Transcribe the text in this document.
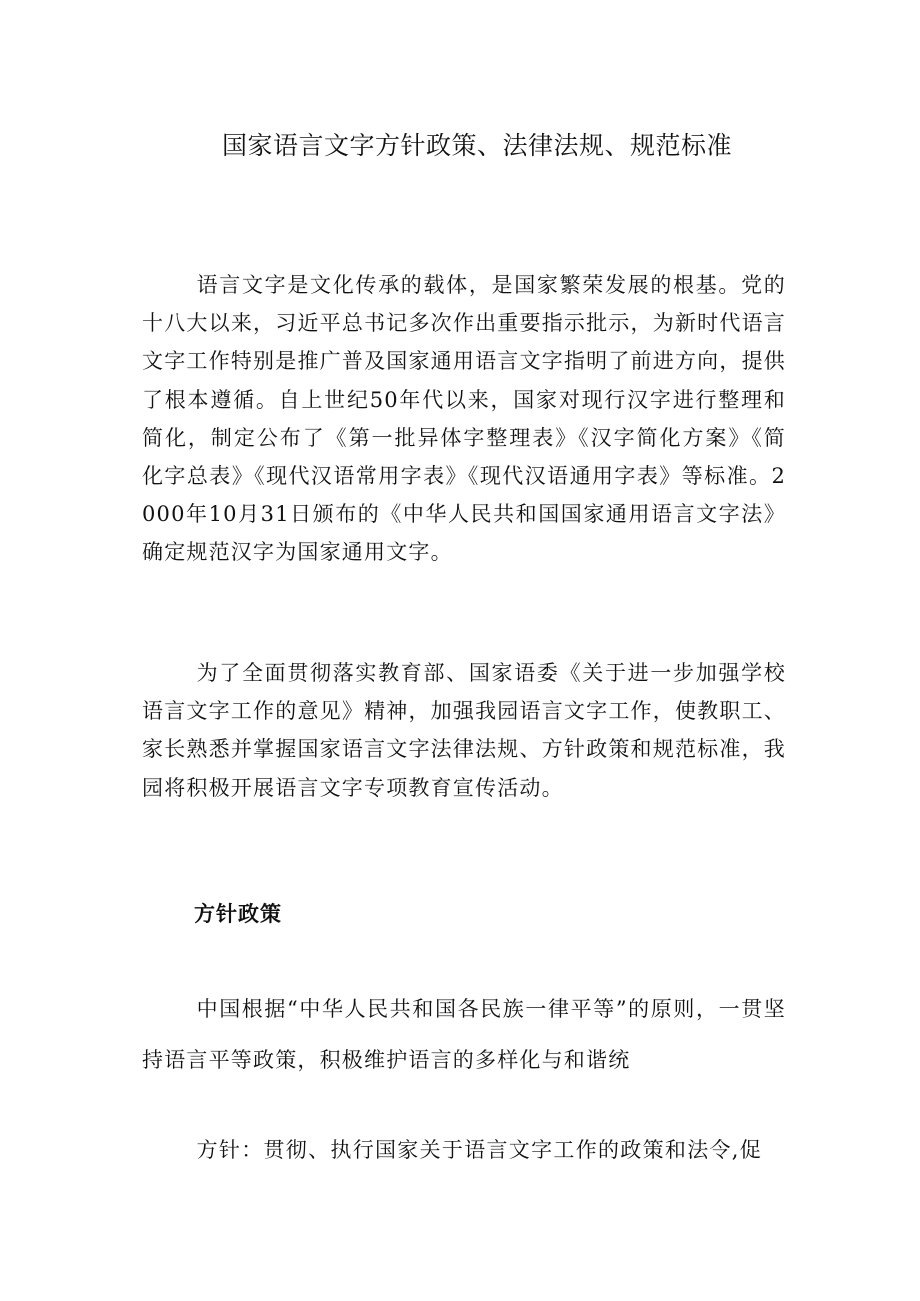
国家语言文字方针政策、法律法规、规范标准

语言文字是文化传承的载体，是国家繁荣发展的根基。党的十八大以来，习近平总书记多次作出重要指示批示，为新时代语言文字工作特别是推广普及国家通用语言文字指明了前进方向，提供了根本遵循。自上世纪50年代以来，国家对现行汉字进行整理和简化，制定公布了《第一批异体字整理表》《汉字简化方案》《简化字总表》《现代汉语常用字表》《现代汉语通用字表》等标准。2000年10月31日颁布的《中华人民共和国国家通用语言文字法》确定规范汉字为国家通用文字。

为了全面贯彻落实教育部、国家语委《关于进一步加强学校语言文字工作的意见》精神，加强我园语言文字工作，使教职工、家长熟悉并掌握国家语言文字法律法规、方针政策和规范标准，我园将积极开展语言文字专项教育宣传活动。

方针政策

中国根据“中华人民共和国各民族一律平等”的原则，一贯坚持语言平等政策，积极维护语言的多样化与和谐统

方针：贯彻、执行国家关于语言文字工作的政策和法令,促
